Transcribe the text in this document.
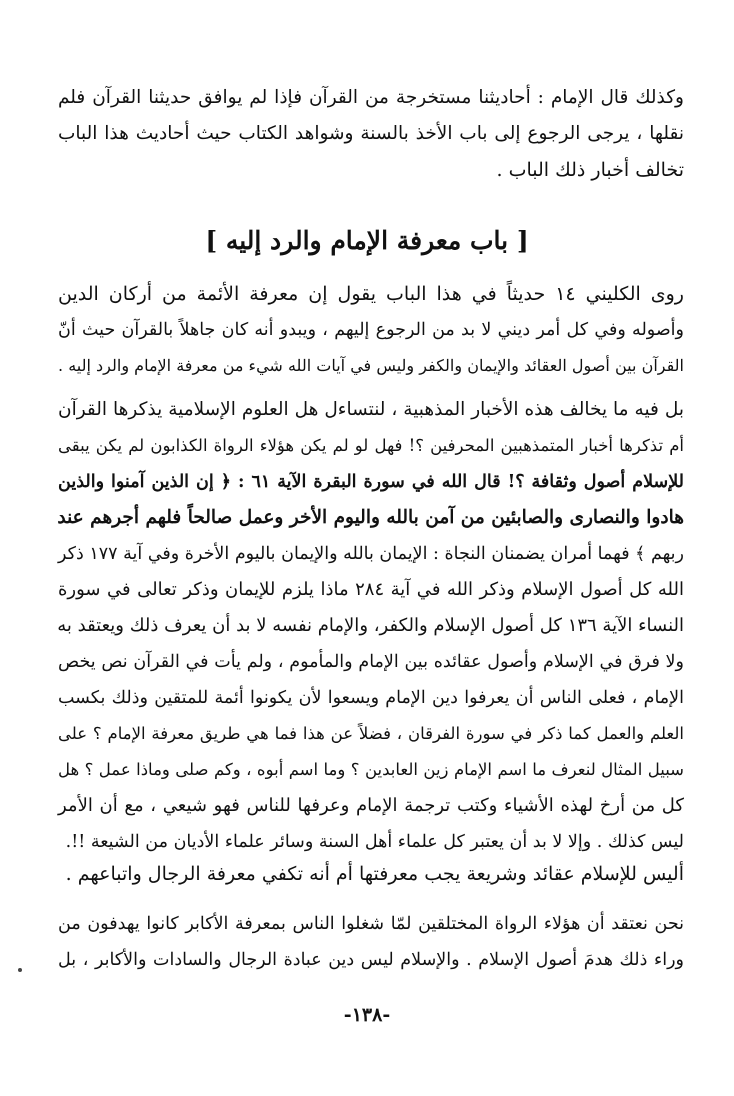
وكذلك قال الإمام : أحاديثنا مستخرجة من القرآن فإذا لم يوافق حديثنا القرآن فلم
نقلها ، يرجى الرجوع إلى باب الأخذ بالسنة وشواهد الكتاب حيث أحاديث هذا الباب
تخالف أخبار ذلك الباب .
[ باب معرفة الإمام والرد إليه ]
روى الكليني ١٤ حديثاً في هذا الباب يقول إن معرفة الأئمة من أركان الدين
وأصوله وفي كل أمر ديني لا بد من الرجوع إليهم ، ويبدو أنه كان جاهلاً بالقرآن حيث أنّ
القرآن بين أصول العقائد والإيمان والكفر وليس في آيات الله شيء من معرفة الإمام والرد إليه .
بل فيه ما يخالف هذه الأخبار المذهبية ، لنتساءل هل العلوم الإسلامية يذكرها القرآن
أم تذكرها أخبار المتمذهبين المحرفين ؟! فهل لو لم يكن هؤلاء الرواة الكذابون لم يكن يبقى
للإسلام أصول وثقافة ؟! قال الله في سورة البقرة الآية ٦١ : ﴿ إن الذين آمنوا والذين
هادوا والنصارى والصابئين من آمن بالله واليوم الأخر وعمل صالحاً فلهم أجرهم عند
ربهم ﴾ فهما أمران يضمنان النجاة : الإيمان بالله والإيمان باليوم الأخرة وفي آية ١٧٧ ذكر
الله كل أصول الإسلام وذكر الله في آية ٢٨٤ ماذا يلزم للإيمان وذكر تعالى في سورة
النساء الآية ١٣٦ كل أصول الإسلام والكفر، والإمام نفسه لا بد أن يعرف ذلك ويعتقد به
ولا فرق في الإسلام وأصول عقائده بين الإمام والمأموم ، ولم يأت في القرآن نص يخص
الإمام ، فعلى الناس أن يعرفوا دين الإمام ويسعوا لأن يكونوا أئمة للمتقين وذلك بكسب
العلم والعمل كما ذكر في سورة الفرقان ، فضلاً عن هذا فما هي طريق معرفة الإمام ؟ على
سبيل المثال لنعرف ما اسم الإمام زين العابدين ؟ وما اسم أبوه ، وكم صلى وماذا عمل ؟ هل
كل من أرخ لهذه الأشياء وكتب ترجمة الإمام وعرفها للناس فهو شيعي ، مع أن الأمر
ليس كذلك . وإلا لا بد أن يعتبر كل علماء أهل السنة وسائر علماء الأديان من الشيعة !!.
أليس للإسلام عقائد وشريعة يجب معرفتها أم أنه تكفي معرفة الرجال واتباعهم .
نحن نعتقد أن هؤلاء الرواة المختلقين لمّا شغلوا الناس بمعرفة الأكابر كانوا يهدفون من
وراء ذلك هدمَ أصول الإسلام . والإسلام ليس دين عبادة الرجال والسادات والأكابر ، بل
-١٣٨-
